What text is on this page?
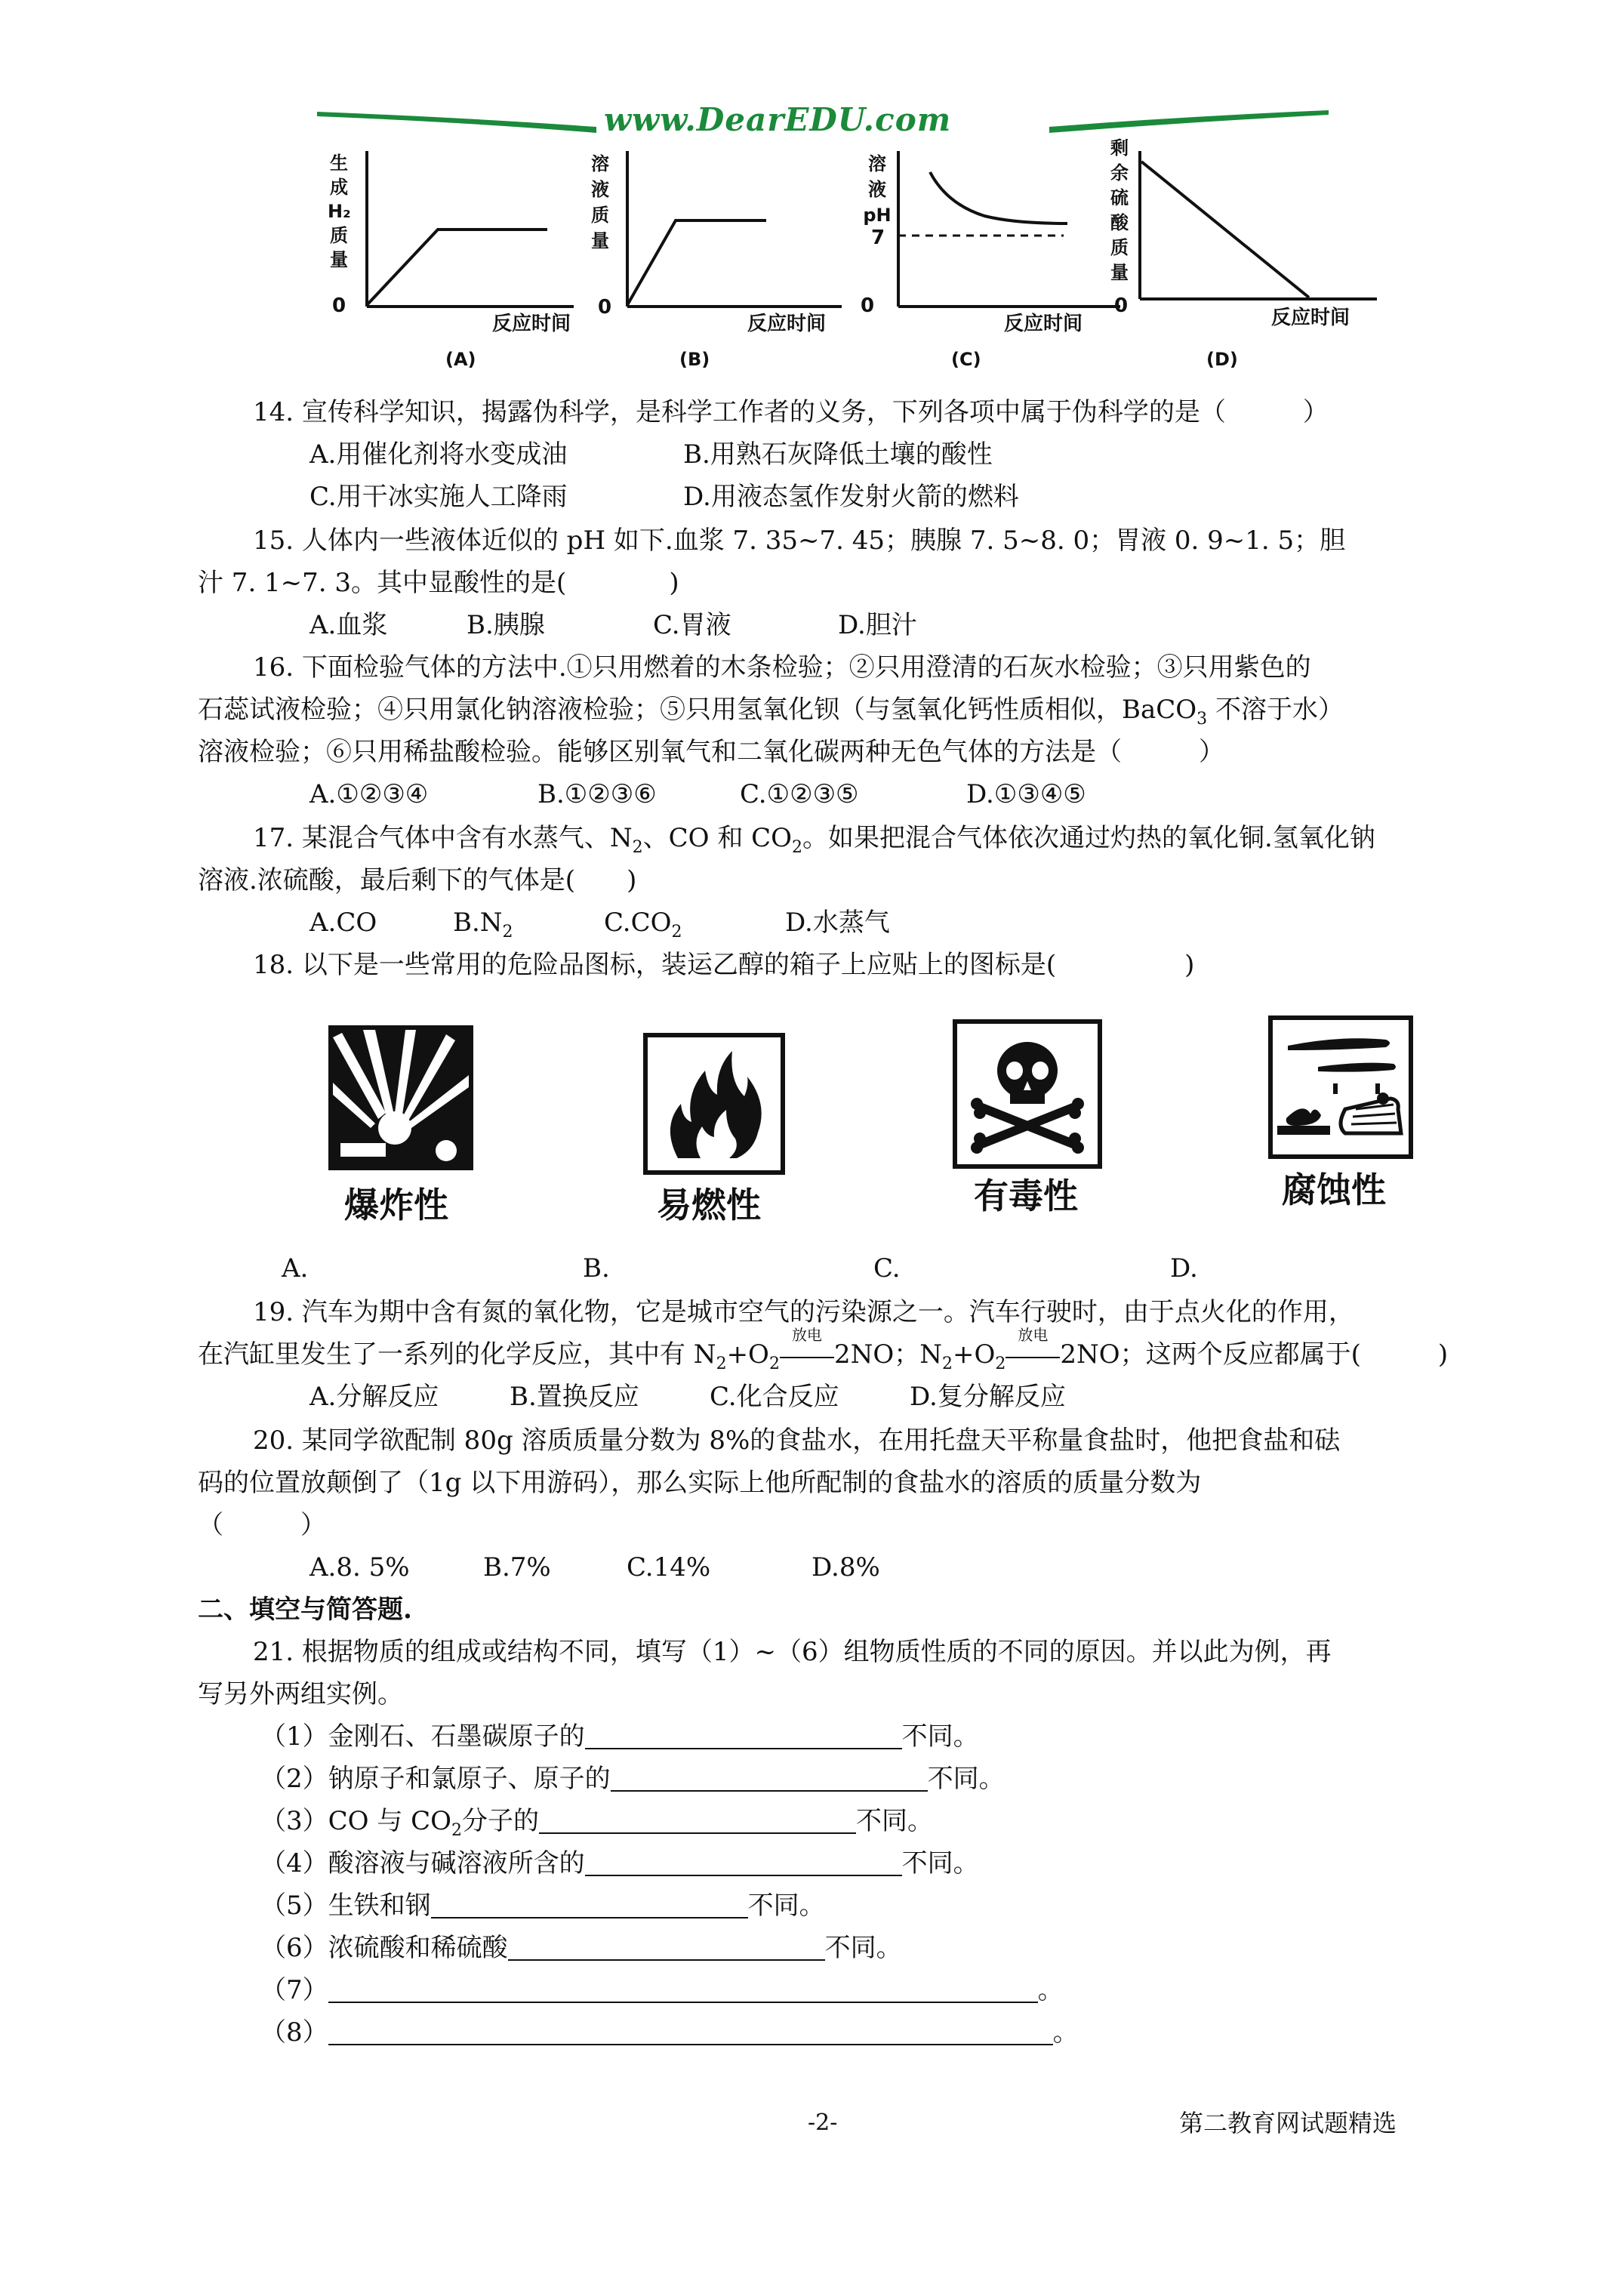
www.DearEDU.com
生
成
H₂
质
量
0
反应时间
(A)
溶
液
质
量
0
反应时间
(B)
溶
液
pH
7
0
反应时间
(C)
剩
余
硫
酸
质
量
0
反应时间
(D)
14. 宣传科学知识，揭露伪科学，是科学工作者的义务，下列各项中属于伪科学的是（　　　）
A.用催化剂将水变成油	B.用熟石灰降低土壤的酸性
C.用干冰实施人工降雨	D.用液态氢作发射火箭的燃料
15. 人体内一些液体近似的 pH 如下.血浆 7. 35~7. 45；胰腺 7. 5~8. 0；胃液 0. 9~1. 5；胆
汁 7. 1~7. 3。其中显酸性的是(　　　　)
A.血浆	B.胰腺	C.胃液	D.胆汁
16. 下面检验气体的方法中.①只用燃着的木条检验；②只用澄清的石灰水检验；③只用紫色的
石蕊试液检验；④只用氯化钠溶液检验；⑤只用氢氧化钡（与氢氧化钙性质相似，BaCO$_3$ 不溶于水）
溶液检验；⑥只用稀盐酸检验。能够区别氧气和二氧化碳两种无色气体的方法是（　　　）
A.①②③④	B.①②③⑥	C.①②③⑤	D.①③④⑤
17. 某混合气体中含有水蒸气、$N_2$、CO 和 $CO_2$。如果把混合气体依次通过灼热的氧化铜.氢氧化钠
溶液.浓硫酸，最后剩下的气体是(　　)
A.CO	$B.N_2$	$C.CO_2$	D.水蒸气
18. 以下是一些常用的危险品图标，装运乙醇的箱子上应贴上的图标是(　　　　　)
爆炸性	易燃性	有毒性	腐蚀性
A.	B.	C.	D.
19. 汽车为期中含有氮的氧化物，它是城市空气的污染源之一。汽车行驶时，由于点火化的作用，
在汽缸里发生了一系列的化学反应，其中有 $N_2+O_2$
放电
2NO；$N_2+O_2$
放电
2NO；这两个反应都属于(　　　)
A.分解反应	B.置换反应	C.化合反应	D.复分解反应
20. 某同学欲配制 80g 溶质质量分数为 8%的食盐水，在用托盘天平称量食盐时，他把食盐和砝
码的位置放颠倒了（1g 以下用游码），那么实际上他所配制的食盐水的溶质的质量分数为
（　　　）
A.8. 5%	B.7%	C.14%	D.8%
二、填空与简答题.
21. 根据物质的组成或结构不同，填写（1）~（6）组物质性质的不同的原因。并以此为例，再
写另外两组实例。
（1）金刚石、石墨碳原子的	不同。
（2）钠原子和氯原子、原子的	不同。
（3）CO 与 $CO_2$分子的	不同。
（4）酸溶液与碱溶液所含的	不同。
（5）生铁和钢	不同。
（6）浓硫酸和稀硫酸	不同。
（7）	。
（8）	。
-2-	第二教育网试题精选
